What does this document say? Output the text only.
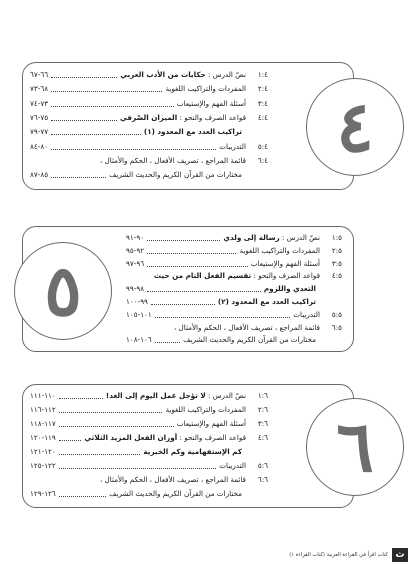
٤
٥
٦
ث
كتاب اقرأ في القراءة العربية (كتاب القراءة ١)
١:٤
نصّ الدرس : حكايات من الأدب العربي
٦٦-٦٧
٢:٤
المفردات والتراكيب اللغوية
٦٨-٧٣
٣:٤
أسئلة الفهم والإستيعاب
٧٣-٧٤
٤:٤
قواعد الصرف والنحو : الميزان الصّرفي
٧٥-٧٦
تراكيب العدد مع المعدود (١)
٧٧-٧٩
٥:٤
التدريبات
٨٠-٨٤
٦:٤
قائمة المراجع ، تصريف الأفعال ، الحكم والأمثال ،
مختارات من القرآن الكريم والحديث الشريف
٨٥-٨٧
١:٥
نصّ الدرس : رسالة إلى ولدي
٩٠-٩١
٢:٥
المفردات والتراكيب اللغوية
٩٢-٩٥
٣:٥
أسئلة الفهم والإستيعاب
٩٦-٩٧
٤:٥
قواعد الصرف والنحو : تقسيم الفعل التام من حيث
التعدي واللزوم
٩٨-٩٩
تراكيب العدد مع المعدود (٢)
٩٩-١٠٠
٥:٥
التدريبات
١٠١-١٠٥
٦:٥
قائمة المراجع ، تصريف الأفعال ، الحكم والأمثال ،
مختارات من القرآن الكريم والحديث الشريف
١٠٦-١٠٨
١:٦
نصّ الدرس : لا تؤجل عمل اليوم إلى الغد!
١١٠-١١١
٢:٦
المفردات والتراكيب اللغوية
١١٢-١١٦
٣:٦
أسئلة الفهم والإستيعاب
١١٧-١١٨
٤:٦
قواعد الصرف والنحو : أوزان الفعل المزيد الثلاثي
١١٩-١٢٠
كم الإستفهامية وكم الخبرية
١٢٠-١٢١
٥:٦
التدريبات
١٢٢-١٢٥
٦:٦
قائمة المراجع ، تصريف الأفعال ، الحكم والأمثال ،
مختارات من القرآن الكريم والحديث الشريف
١٢٦-١٢٩
